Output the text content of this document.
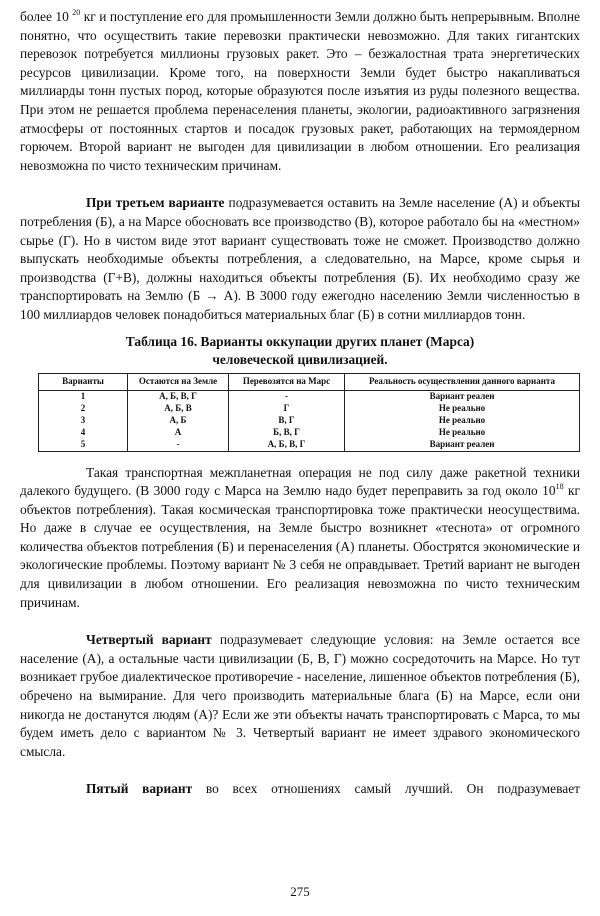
более 10 $^{20}$ кг и поступление его для промышленности Земли должно быть непрерывным. Вполне понятно, что осуществить такие перевозки практически невозможно. Для таких гигантских перевозок потребуется миллионы грузовых ракет. Это – безжалостная трата энергетических ресурсов цивилизации. Кроме того, на поверхности Земли будет быстро накапливаться миллиарды тонн пустых пород, которые образуются после изъятия из руды полезного вещества. При этом не решается проблема перенаселения планеты, экологии, радиоактивного загрязнения атмосферы от постоянных стартов и посадок грузовых ракет, работающих на термоядерном горючем. Второй вариант не выгоден для цивилизации в любом отношении. Его реализация невозможна по чисто техническим причинам.

При третьем варианте подразумевается оставить на Земле население (А) и объекты потребления (Б), а на Марсе обосновать все производство (В), которое работало бы на «местном» сырье (Г). Но в чистом виде этот вариант существовать тоже не сможет. Производство должно выпускать необходимые объекты потребления, а следовательно, на Марсе, кроме сырья и производства (Г+В), должны находиться объекты потребления (Б). Их необходимо сразу же транспортировать на Землю (Б → А). В 3000 году ежегодно населению Земли численностью в 100 миллиардов человек понадобиться материальных благ (Б) в сотни миллиардов тонн.

Таблица 16. Варианты оккупации других планет (Марса)
человеческой цивилизацией.
Варианты	Остаются на Земле	Перевозятся на Марс	Реальность осуществления данного варианта
1	А, Б, В, Г	-	Вариант реален
2	А, Б, В	Г	Не реально
3	А, Б	В, Г	Не реально
4	А	Б, В, Г	Не реально
5	-	А, Б, В, Г	Вариант реален

Такая транспортная межпланетная операция не под силу даже ракетной техники далекого будущего. (В 3000 году с Марса на Землю надо будет переправить за год около $10^{18}$ кг объектов потребления). Такая космическая транспортировка тоже практически неосуществима. Но даже в случае ее осуществления, на Земле быстро возникнет «теснота» от огромного количества объектов потребления (Б) и перенаселения (А) планеты. Обострятся экономические и экологические проблемы. Поэтому вариант № 3 себя не оправдывает. Третий вариант не выгоден для цивилизации в любом отношении. Его реализация невозможна по чисто техническим причинам.

Четвертый вариант подразумевает следующие условия: на Земле остается все население (А), а остальные части цивилизации (Б, В, Г) можно сосредоточить на Марсе. Но тут возникает грубое диалектическое противоречие - население, лишенное объектов потребления (Б), обречено на вымирание. Для чего производить материальные блага (Б) на Марсе, если они никогда не достанутся людям (А)? Если же эти объекты начать транспортировать с Марса, то мы будем иметь дело с вариантом № 3. Четвертый вариант не имеет здравого экономического смысла.

Пятый вариант во всех отношениях самый лучший. Он подразумевает

275
